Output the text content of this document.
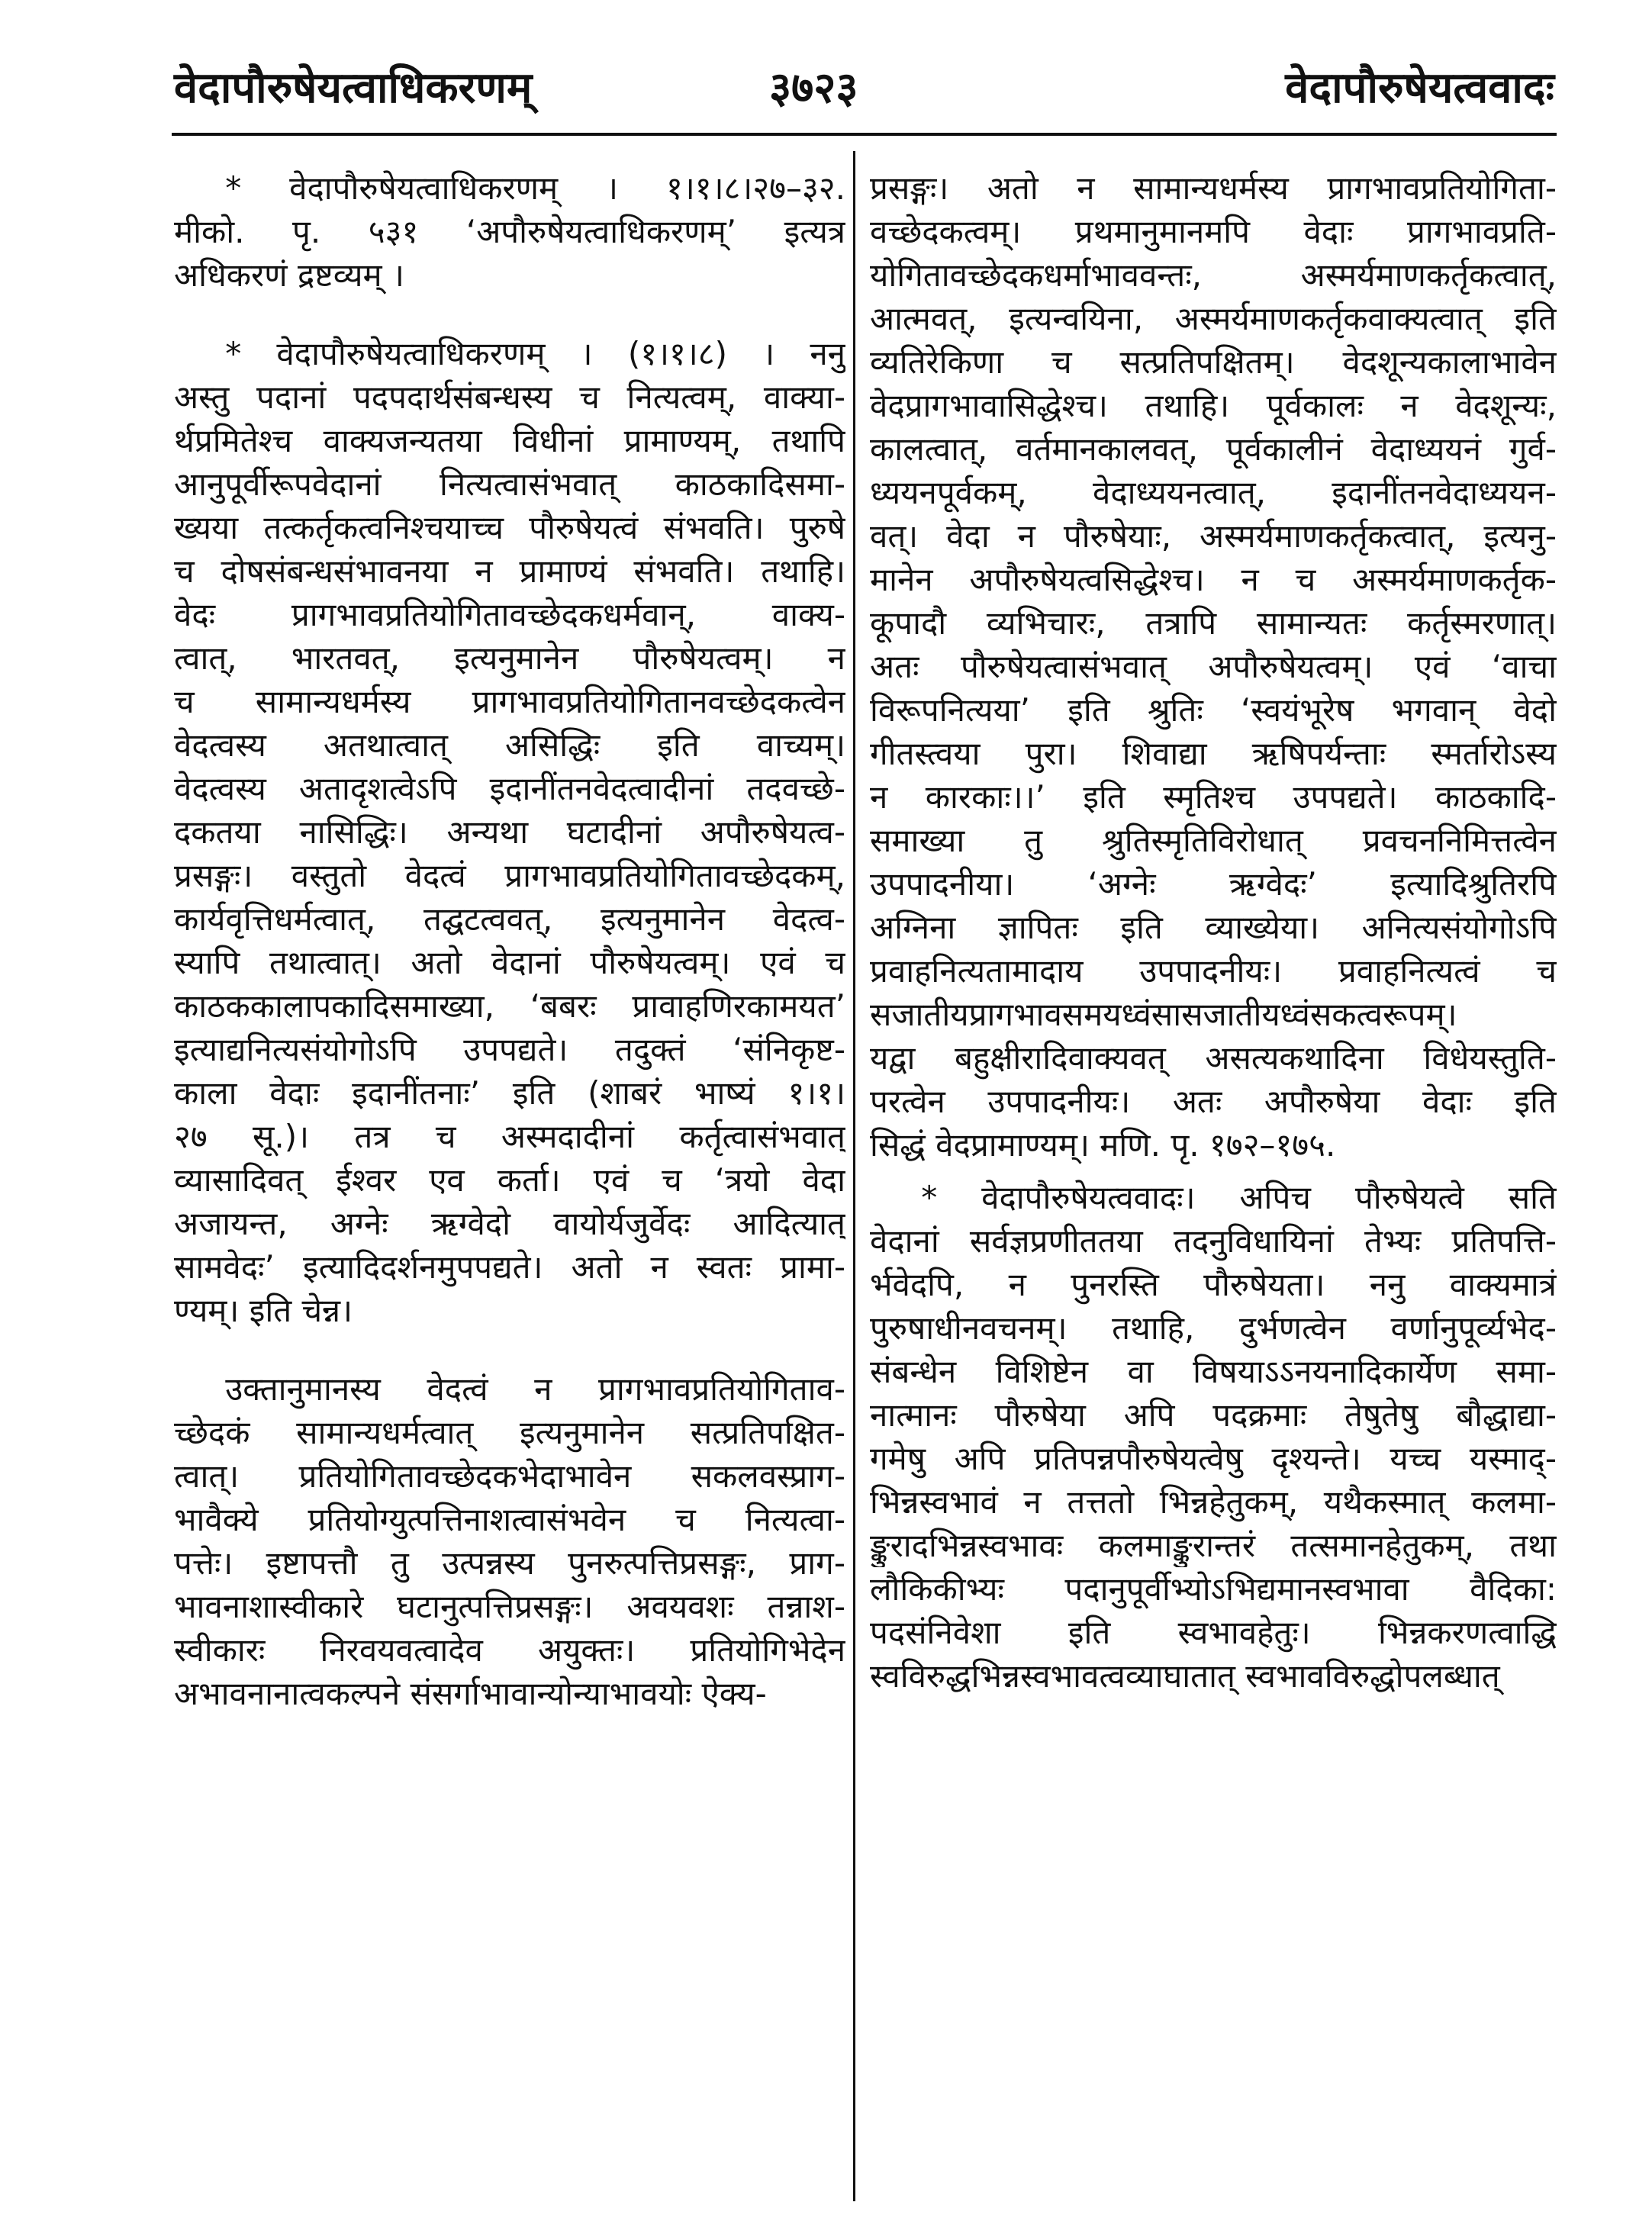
वेदापौरुषेयत्वाधिकरणम्	३७२३	वेदापौरुषेयत्ववादः
* वेदापौरुषेयत्वाधिकरणम् । १।१।८।२७–३२.
मीको. पृ. ५३१ ‘अपौरुषेयत्वाधिकरणम्’ इत्यत्र
अधिकरणं द्रष्टव्यम् ।
* वेदापौरुषेयत्वाधिकरणम् । (१।१।८) । ननु
अस्तु पदानां पदपदार्थसंबन्धस्य च नित्यत्वम्, वाक्या-
र्थप्रमितेश्च वाक्यजन्यतया विधीनां प्रामाण्यम्, तथापि
आनुपूर्वीरूपवेदानां नित्यत्वासंभवात् काठकादिसमा-
ख्यया तत्कर्तृकत्वनिश्चयाच्च पौरुषेयत्वं संभवति। पुरुषे
च दोषसंबन्धसंभावनया न प्रामाण्यं संभवति। तथाहि।
वेदः प्रागभावप्रतियोगितावच्छेदकधर्मवान्, वाक्य-
त्वात्, भारतवत्, इत्यनुमानेन पौरुषेयत्वम्। न
च सामान्यधर्मस्य प्रागभावप्रतियोगितानवच्छेदकत्वेन
वेदत्वस्य अतथात्वात् असिद्धिः इति वाच्यम्।
वेदत्वस्य अतादृशत्वेऽपि इदानींतनवेदत्वादीनां तदवच्छे-
दकतया नासिद्धिः। अन्यथा घटादीनां अपौरुषेयत्व-
प्रसङ्गः। वस्तुतो वेदत्वं प्रागभावप्रतियोगितावच्छेदकम्,
कार्यवृत्तिधर्मत्वात्, तद्घटत्ववत्, इत्यनुमानेन वेदत्व-
स्यापि तथात्वात्। अतो वेदानां पौरुषेयत्वम्। एवं च
काठककालापकादिसमाख्या, ‘बबरः प्रावाहणिरकामयत’
इत्याद्यनित्यसंयोगोऽपि उपपद्यते। तदुक्तं ‘संनिकृष्ट-
काला वेदाः इदानींतनाः’ इति (शाबरं भाष्यं १।१।
२७ सू.)। तत्र च अस्मदादीनां कर्तृत्वासंभवात्
व्यासादिवत् ईश्वर एव कर्ता। एवं च ‘त्रयो वेदा
अजायन्त, अग्नेः ऋग्वेदो वायोर्यजुर्वेदः आदित्यात्
सामवेदः’ इत्यादिदर्शनमुपपद्यते। अतो न स्वतः प्रामा-
ण्यम्। इति चेन्न।
उक्तानुमानस्य वेदत्वं न प्रागभावप्रतियोगिताव-
च्छेदकं सामान्यधर्मत्वात् इत्यनुमानेन सत्प्रतिपक्षित-
त्वात्। प्रतियोगितावच्छेदकभेदाभावेन सकलवस्प्राग-
भावैक्ये प्रतियोग्युत्पत्तिनाशत्वासंभवेन च नित्यत्वा-
पत्तेः। इष्टापत्तौ तु उत्पन्नस्य पुनरुत्पत्तिप्रसङ्गः, प्राग-
भावनाशास्वीकारे घटानुत्पत्तिप्रसङ्गः। अवयवशः तन्नाश-
स्वीकारः निरवयवत्वादेव अयुक्तः। प्रतियोगिभेदेन
अभावनानात्वकल्पने संसर्गाभावान्योन्याभावयोः ऐक्य-
प्रसङ्गः। अतो न सामान्यधर्मस्य प्रागभावप्रतियोगिता-
वच्छेदकत्वम्। प्रथमानुमानमपि वेदाः प्रागभावप्रति-
योगितावच्छेदकधर्माभाववन्तः, अस्मर्यमाणकर्तृकत्वात्,
आत्मवत्, इत्यन्वयिना, अस्मर्यमाणकर्तृकवाक्यत्वात् इति
व्यतिरेकिणा च सत्प्रतिपक्षितम्। वेदशून्यकालाभावेन
वेदप्रागभावासिद्धेश्च। तथाहि। पूर्वकालः न वेदशून्यः,
कालत्वात्, वर्तमानकालवत्, पूर्वकालीनं वेदाध्ययनं गुर्व-
ध्ययनपूर्वकम्, वेदाध्ययनत्वात्, इदानींतनवेदाध्ययन-
वत्। वेदा न पौरुषेयाः, अस्मर्यमाणकर्तृकत्वात्, इत्यनु-
मानेन अपौरुषेयत्वसिद्धेश्च। न च अस्मर्यमाणकर्तृक-
कूपादौ व्यभिचारः, तत्रापि सामान्यतः कर्तृस्मरणात्।
अतः पौरुषेयत्वासंभवात् अपौरुषेयत्वम्। एवं ‘वाचा
विरूपनित्यया’ इति श्रुतिः ‘स्वयंभूरेष भगवान् वेदो
गीतस्त्वया पुरा। शिवाद्या ऋषिपर्यन्ताः स्मर्तारोऽस्य
न कारकाः।।’ इति स्मृतिश्च उपपद्यते। काठकादि-
समाख्या तु श्रुतिस्मृतिविरोधात् प्रवचननिमित्तत्वेन
उपपादनीया। ‘अग्नेः ऋग्वेदः’ इत्यादिश्रुतिरपि
अग्निना ज्ञापितः इति व्याख्येया। अनित्यसंयोगोऽपि
प्रवाहनित्यतामादाय उपपादनीयः। प्रवाहनित्यत्वं च
सजातीयप्रागभावसमयध्वंसासजातीयध्वंसकत्वरूपम्।
यद्वा बहुक्षीरादिवाक्यवत् असत्यकथादिना विधेयस्तुति-
परत्वेन उपपादनीयः। अतः अपौरुषेया वेदाः इति
सिद्धं वेदप्रामाण्यम्। मणि. पृ. १७२–१७५.
* वेदापौरुषेयत्ववादः। अपिच पौरुषेयत्वे सति
वेदानां सर्वज्ञप्रणीततया तदनुविधायिनां तेभ्यः प्रतिपत्ति-
र्भवेदपि, न पुनरस्ति पौरुषेयता। ननु वाक्यमात्रं
पुरुषाधीनवचनम्। तथाहि, दुर्भणत्वेन वर्णानुपूर्व्यभेद-
संबन्धेन विशिष्टेन वा विषयाऽऽनयनादिकार्येण समा-
नात्मानः पौरुषेया अपि पदक्रमाः तेषुतेषु बौद्धाद्या-
गमेषु अपि प्रतिपन्नपौरुषेयत्वेषु दृश्यन्ते। यच्च यस्माद्-
भिन्नस्वभावं न तत्ततो भिन्नहेतुकम्, यथैकस्मात् कलमा-
ङ्कुरादभिन्नस्वभावः कलमाङ्कुरान्तरं तत्समानहेतुकम्, तथा
लौकिकीभ्यः पदानुपूर्वीभ्योऽभिद्यमानस्वभावा वैदिका:
पदसंनिवेशा इति स्वभावहेतुः। भिन्नकरणत्वाद्धि
स्वविरुद्धभिन्नस्वभावत्वव्याघातात् स्वभावविरुद्धोपलब्धात्
